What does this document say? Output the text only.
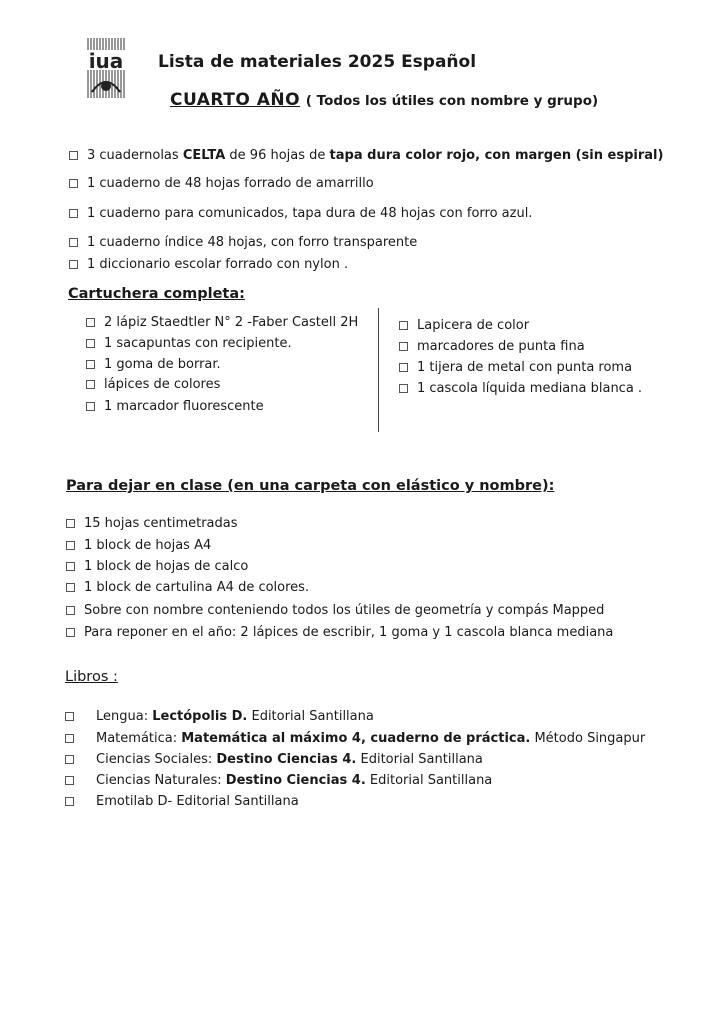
iua Lista de materiales 2025 Español
CUARTO AÑO ( Todos los útiles con nombre y grupo)
3 cuadernolas CELTA de 96 hojas de tapa dura color rojo, con margen (sin espiral)
1 cuaderno de 48 hojas forrado de amarrillo
1 cuaderno para comunicados, tapa dura de 48 hojas con forro azul.
1 cuaderno índice 48 hojas, con forro transparente
1 diccionario escolar forrado con nylon .
Cartuchera completa:
2 lápiz Staedtler N° 2 -Faber Castell 2H
1 sacapuntas con recipiente.
1 goma de borrar.
lápices de colores
1 marcador fluorescente
Lapicera de color
marcadores de punta fina
1 tijera de metal con punta roma
1 cascola líquida mediana blanca .
Para dejar en clase (en una carpeta con elástico y nombre):
15 hojas centimetradas
1 block de hojas A4
1 block de hojas de calco
1 block de cartulina A4 de colores.
Sobre con nombre conteniendo todos los útiles de geometría y compás Mapped
Para reponer en el año: 2 lápices de escribir, 1 goma y 1 cascola blanca mediana
Libros :
Lengua: Lectópolis D. Editorial Santillana
Matemática: Matemática al máximo 4, cuaderno de práctica. Método Singapur
Ciencias Sociales: Destino Ciencias 4. Editorial Santillana
Ciencias Naturales: Destino Ciencias 4. Editorial Santillana
Emotilab D- Editorial Santillana
